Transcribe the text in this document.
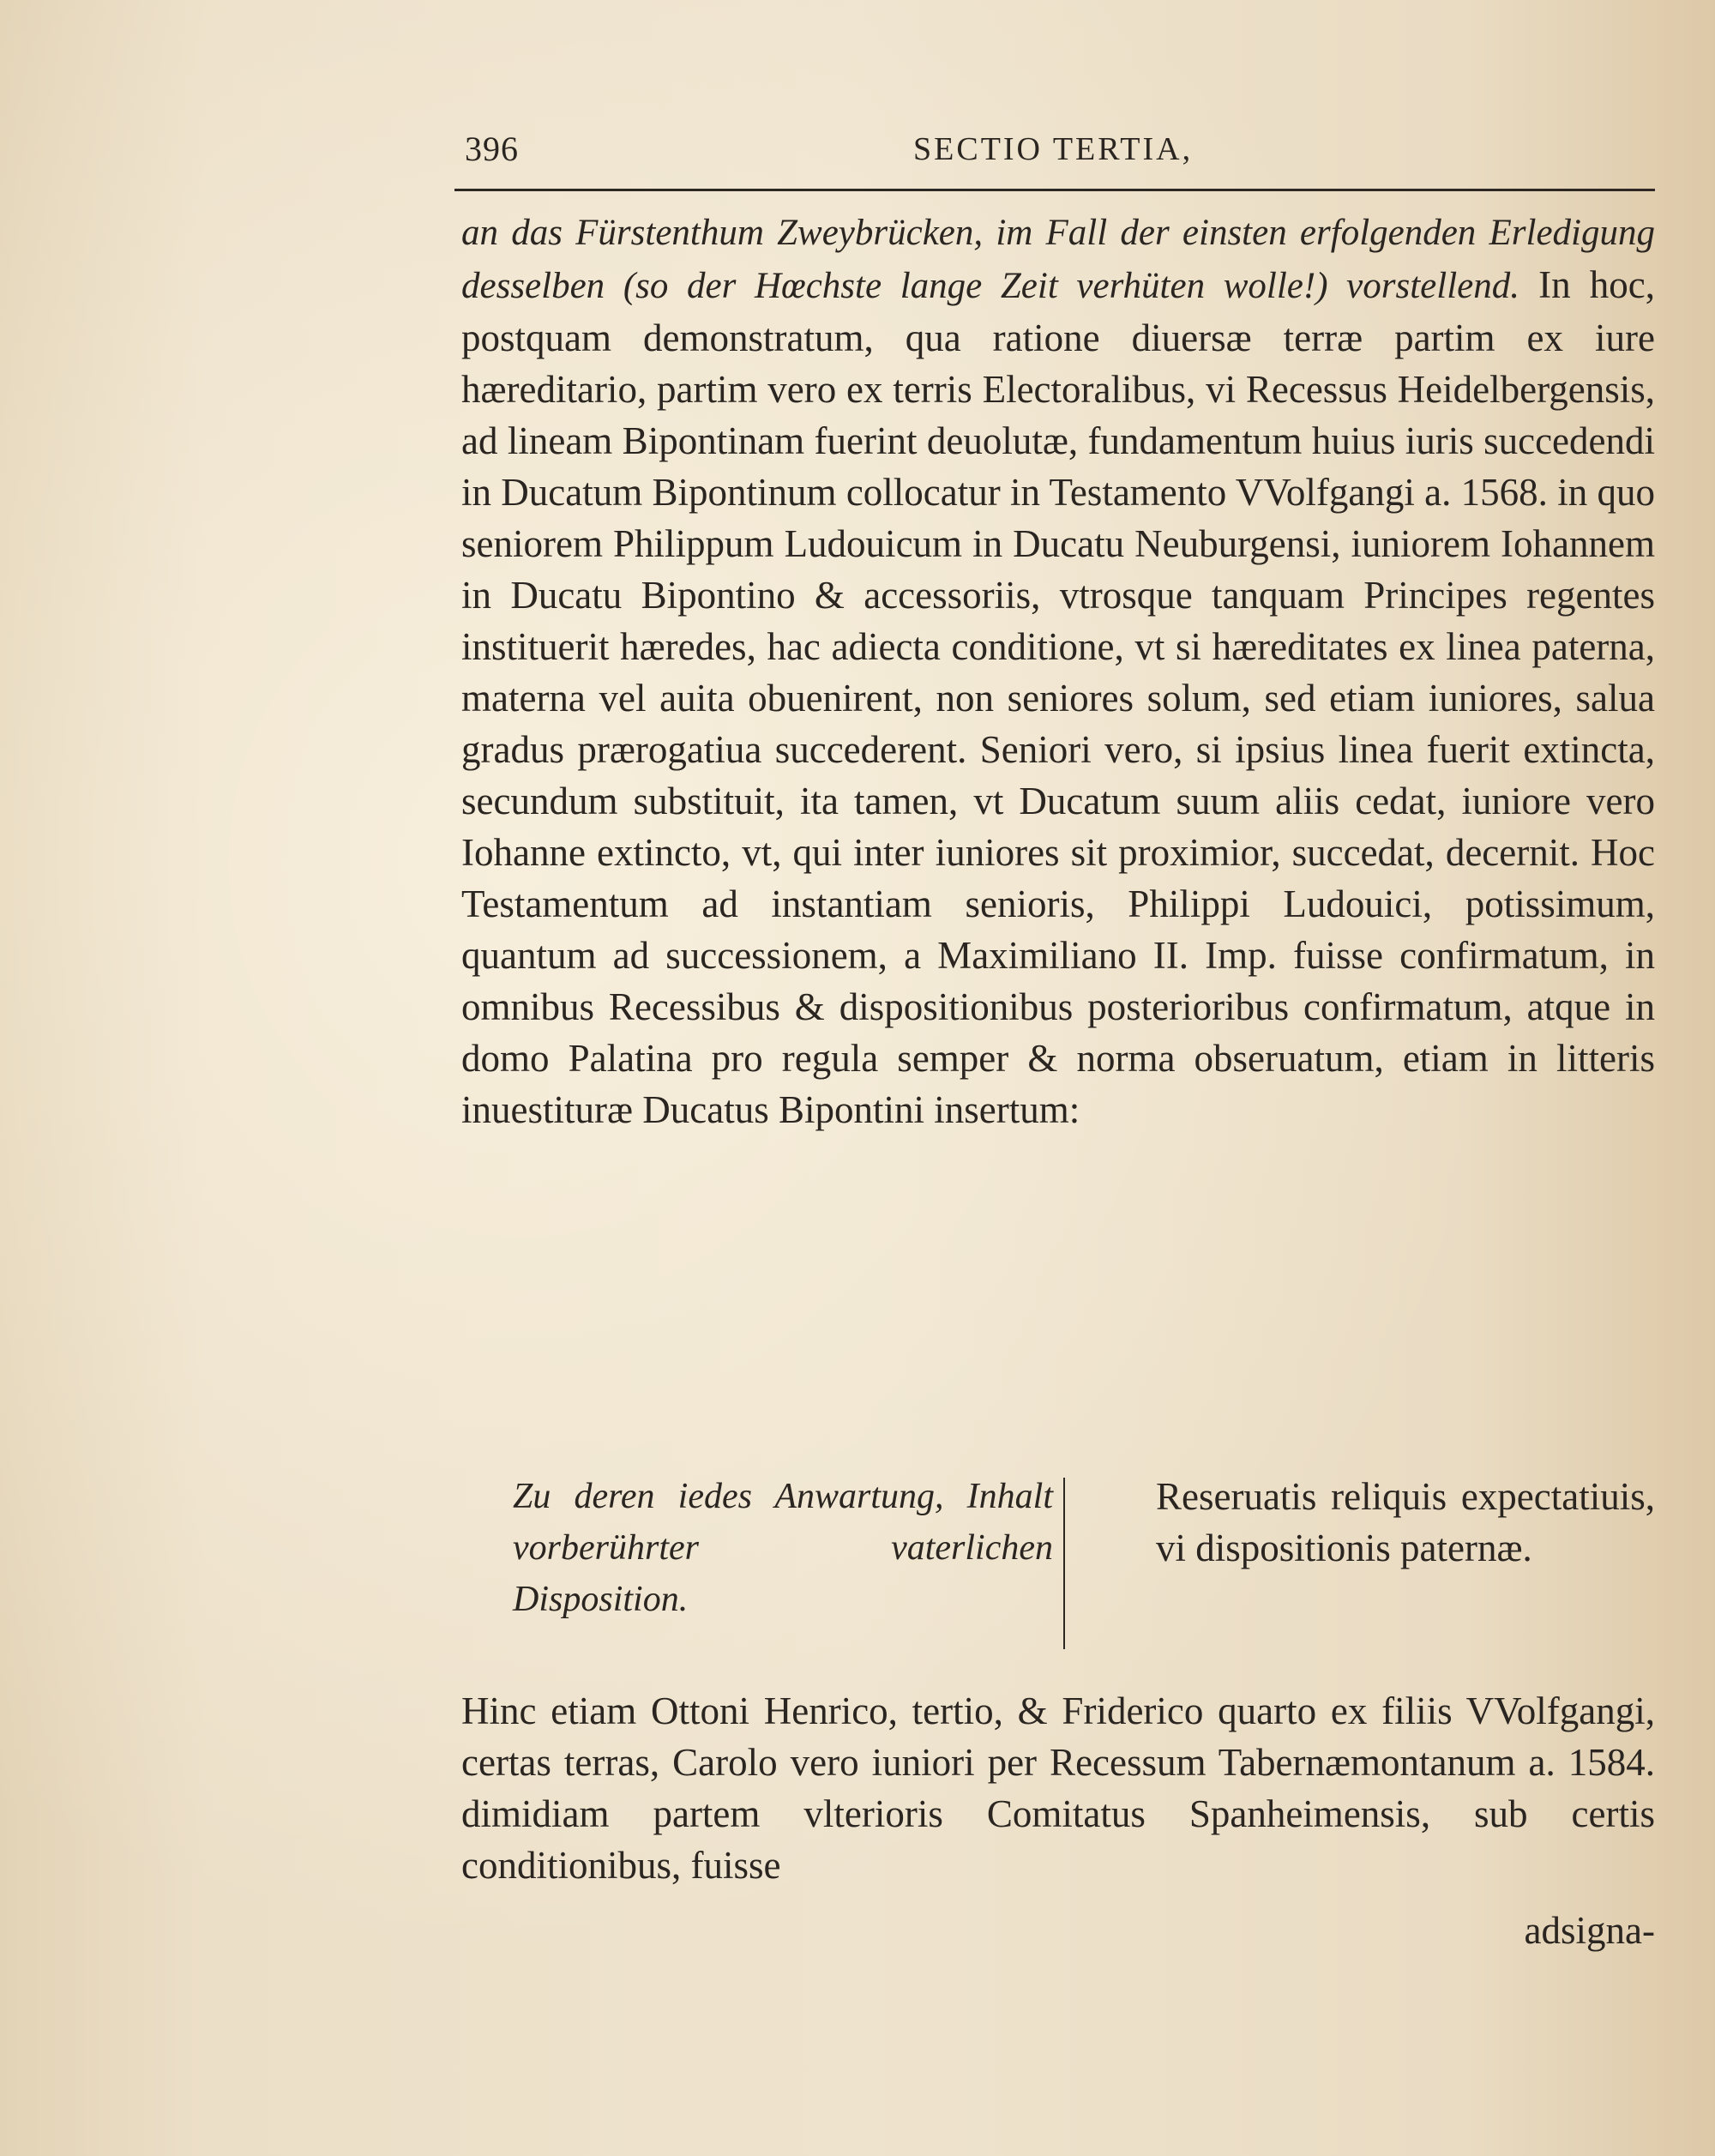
396	SECTIO TERTIA,

an das Fürstenthum Zweybrücken, im Fall der einsten erfolgenden Erledigung desselben (so der Hœchste lange Zeit verhüten wolle!) vorstellend. In hoc, postquam demonstratum, qua ratione diuersæ terræ partim ex iure hæreditario, partim vero ex terris Electoralibus, vi Recessus Heidelbergensis, ad lineam Bipontinam fuerint deuolutæ, fundamentum huius iuris succedendi in Ducatum Bipontinum collocatur in Testamento VVolfgangi a. 1568. in quo seniorem Philippum Ludouicum in Ducatu Neuburgensi, iuniorem Iohannem in Ducatu Bipontino & accessoriis, vtrosque tanquam Principes regentes instituerit hæredes, hac adiecta conditione, vt si hæreditates ex linea paterna, materna vel auita obuenirent, non seniores solum, sed etiam iuniores, salua gradus prærogatiua succederent. Seniori vero, si ipsius linea fuerit extincta, secundum substituit, ita tamen, vt Ducatum suum aliis cedat, iuniore vero Iohanne extincto, vt, qui inter iuniores sit proximior, succedat, decernit. Hoc Testamentum ad instantiam senioris, Philippi Ludouici, potissimum, quantum ad successionem, a Maximiliano II. Imp. fuisse confirmatum, in omnibus Recessibus & dispositionibus posterioribus confirmatum, atque in domo Palatina pro regula semper & norma obseruatum, etiam in litteris inuestituræ Ducatus Bipontini insertum:

Zu deren iedes Anwartung, Inhalt vorberührter vaterlichen Disposition.
Reseruatis reliquis expectatiuis, vi dispositionis paternæ.

Hinc etiam Ottoni Henrico, tertio, & Friderico quarto ex filiis VVolfgangi, certas terras, Carolo vero iuniori per Recessum Tabernæmontanum a. 1584. dimidiam partem vlterioris Comitatus Spanheimensis, sub certis conditionibus, fuisse

adsigna-
